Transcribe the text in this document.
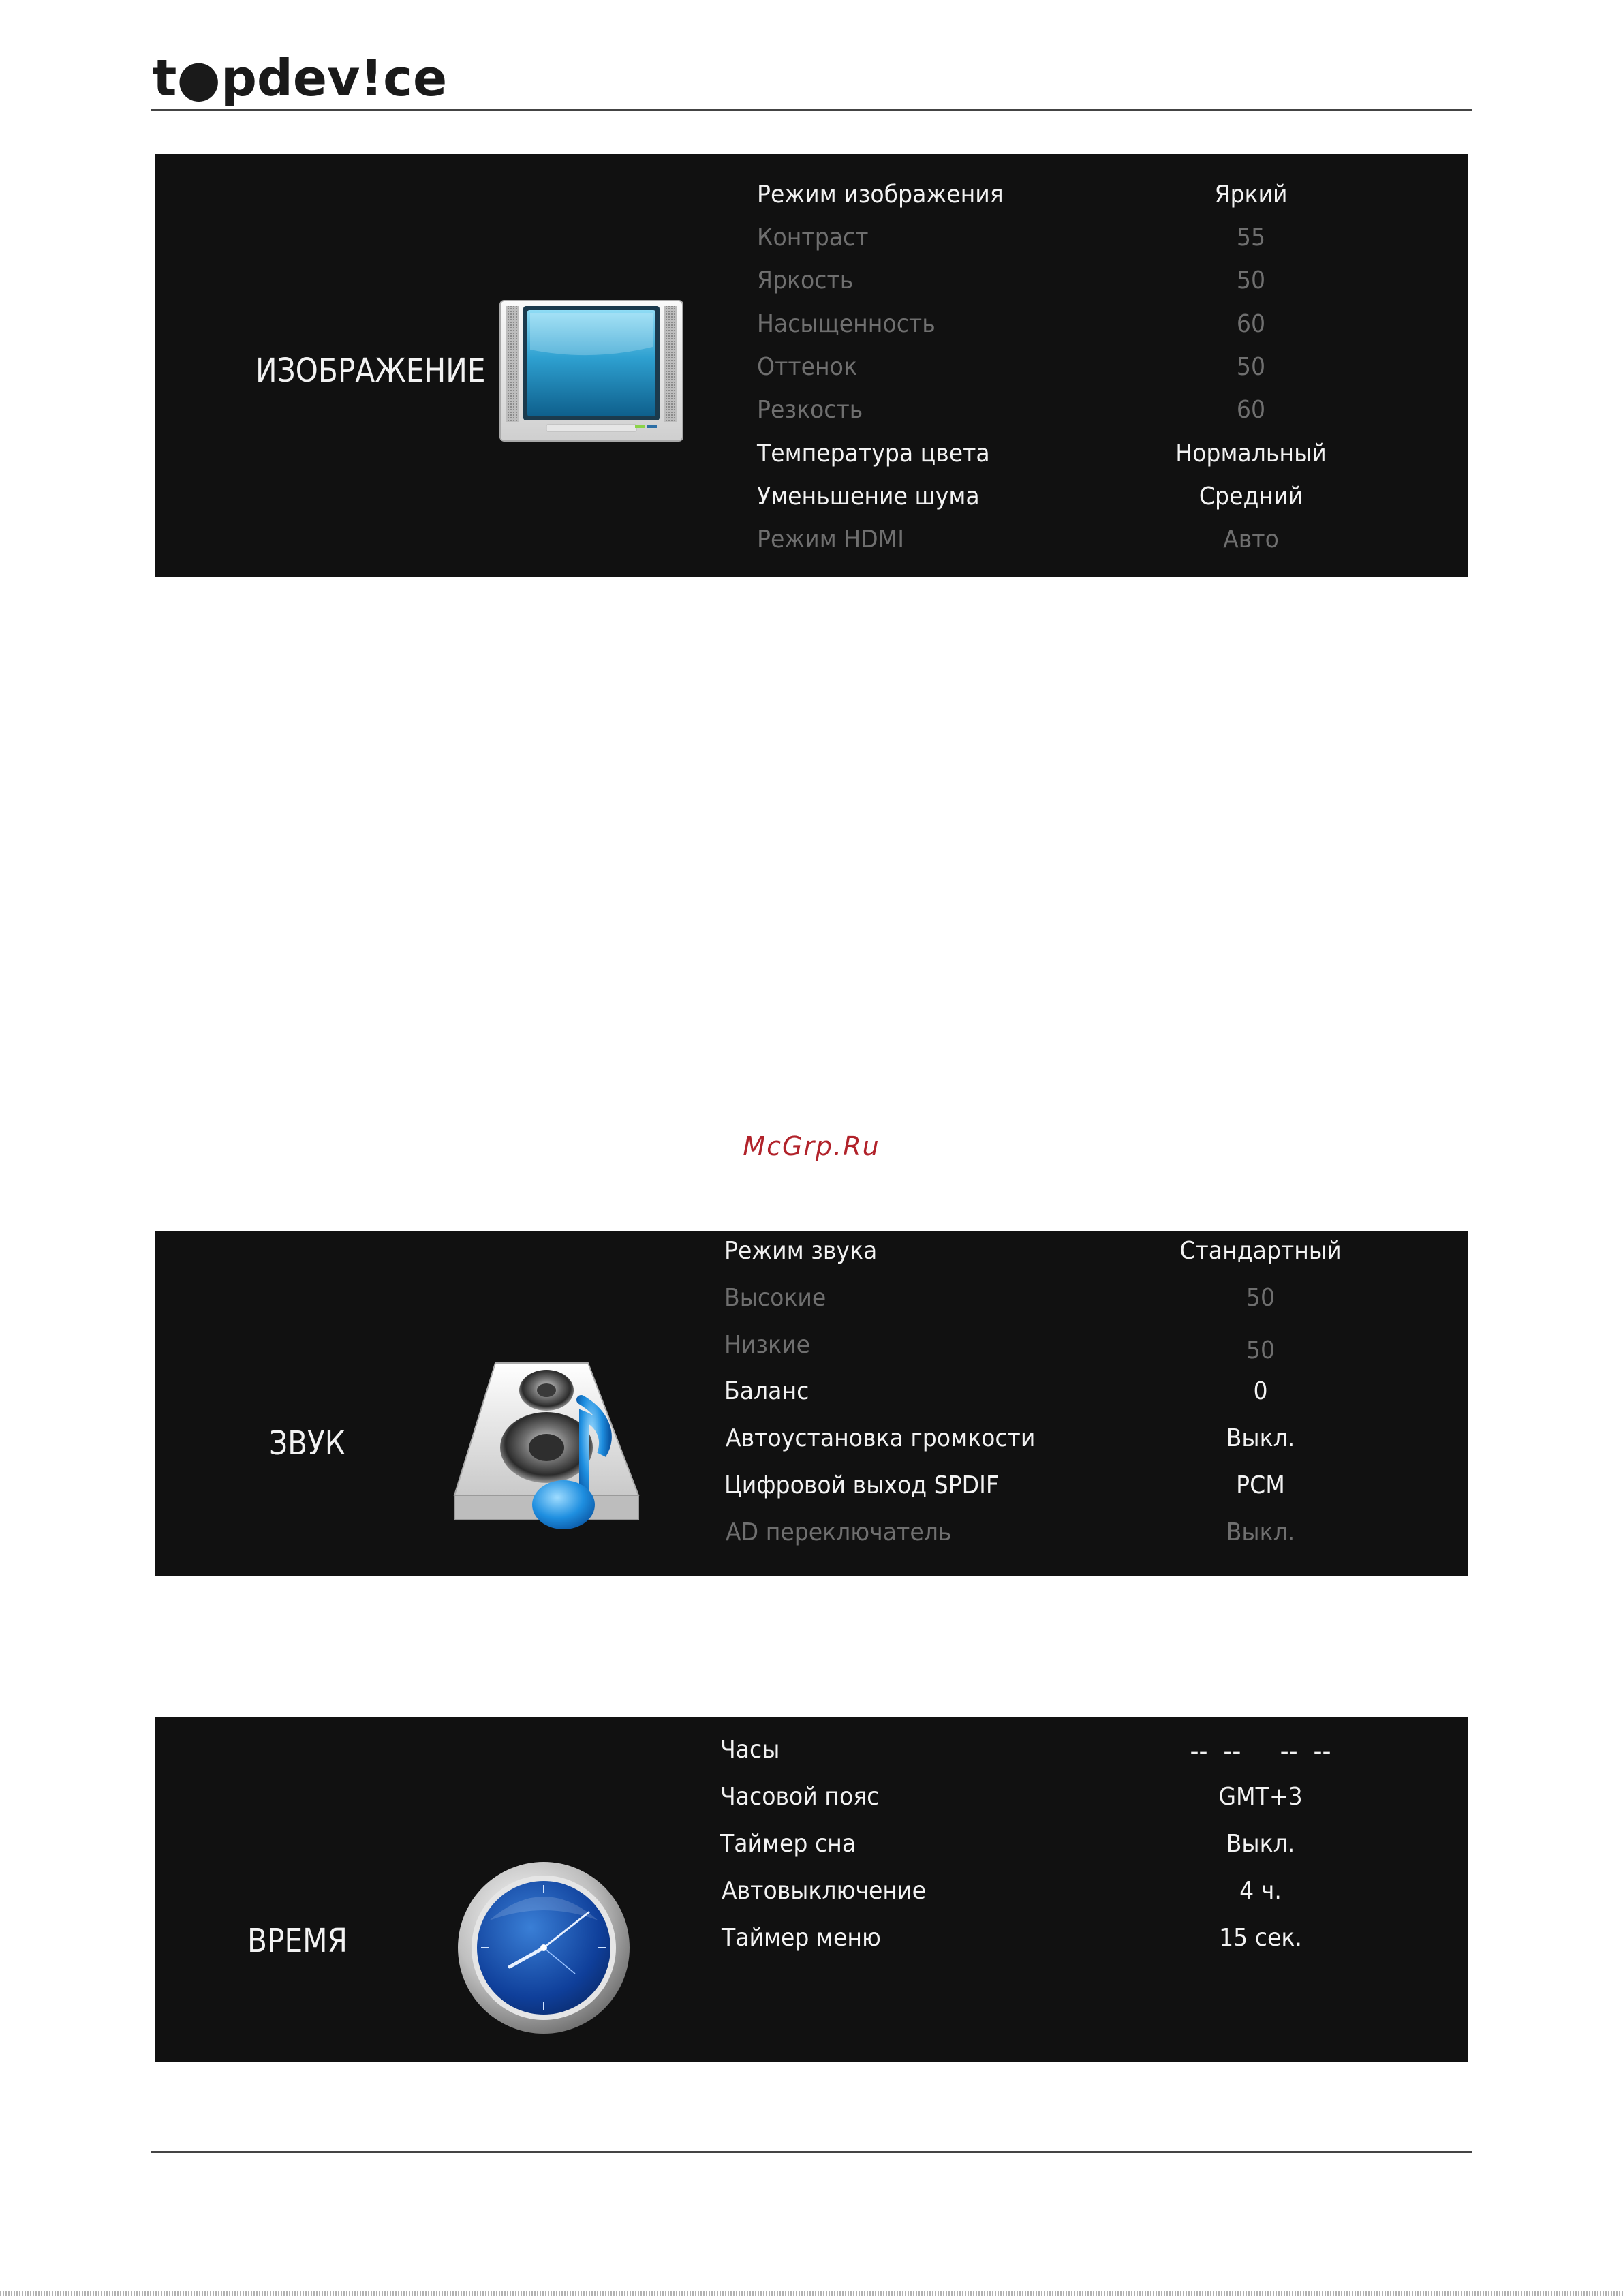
t●pdev!ce
ИЗОБРАЖЕНИЕ
Режим изображения	Яркий
Контраст	55
Яркость	50
Насыщенность	60
Оттенок	50
Резкость	60
Температура цвета	Нормальный
Уменьшение шума	Средний
Режим HDMI	Авто
McGrp.Ru
ЗВУК
Режим звука	Стандартный
Высокие	50
Низкие	50
Баланс	0
Автоустановка громкости	Выкл.
Цифровой выход SPDIF	PCM
AD переключатель	Выкл.
ВРЕМЯ
Часы	--  --     --  --
Часовой пояс	GMT+3
Таймер сна	Выкл.
Автовыключение	4 ч.
Таймер меню	15 сек.
